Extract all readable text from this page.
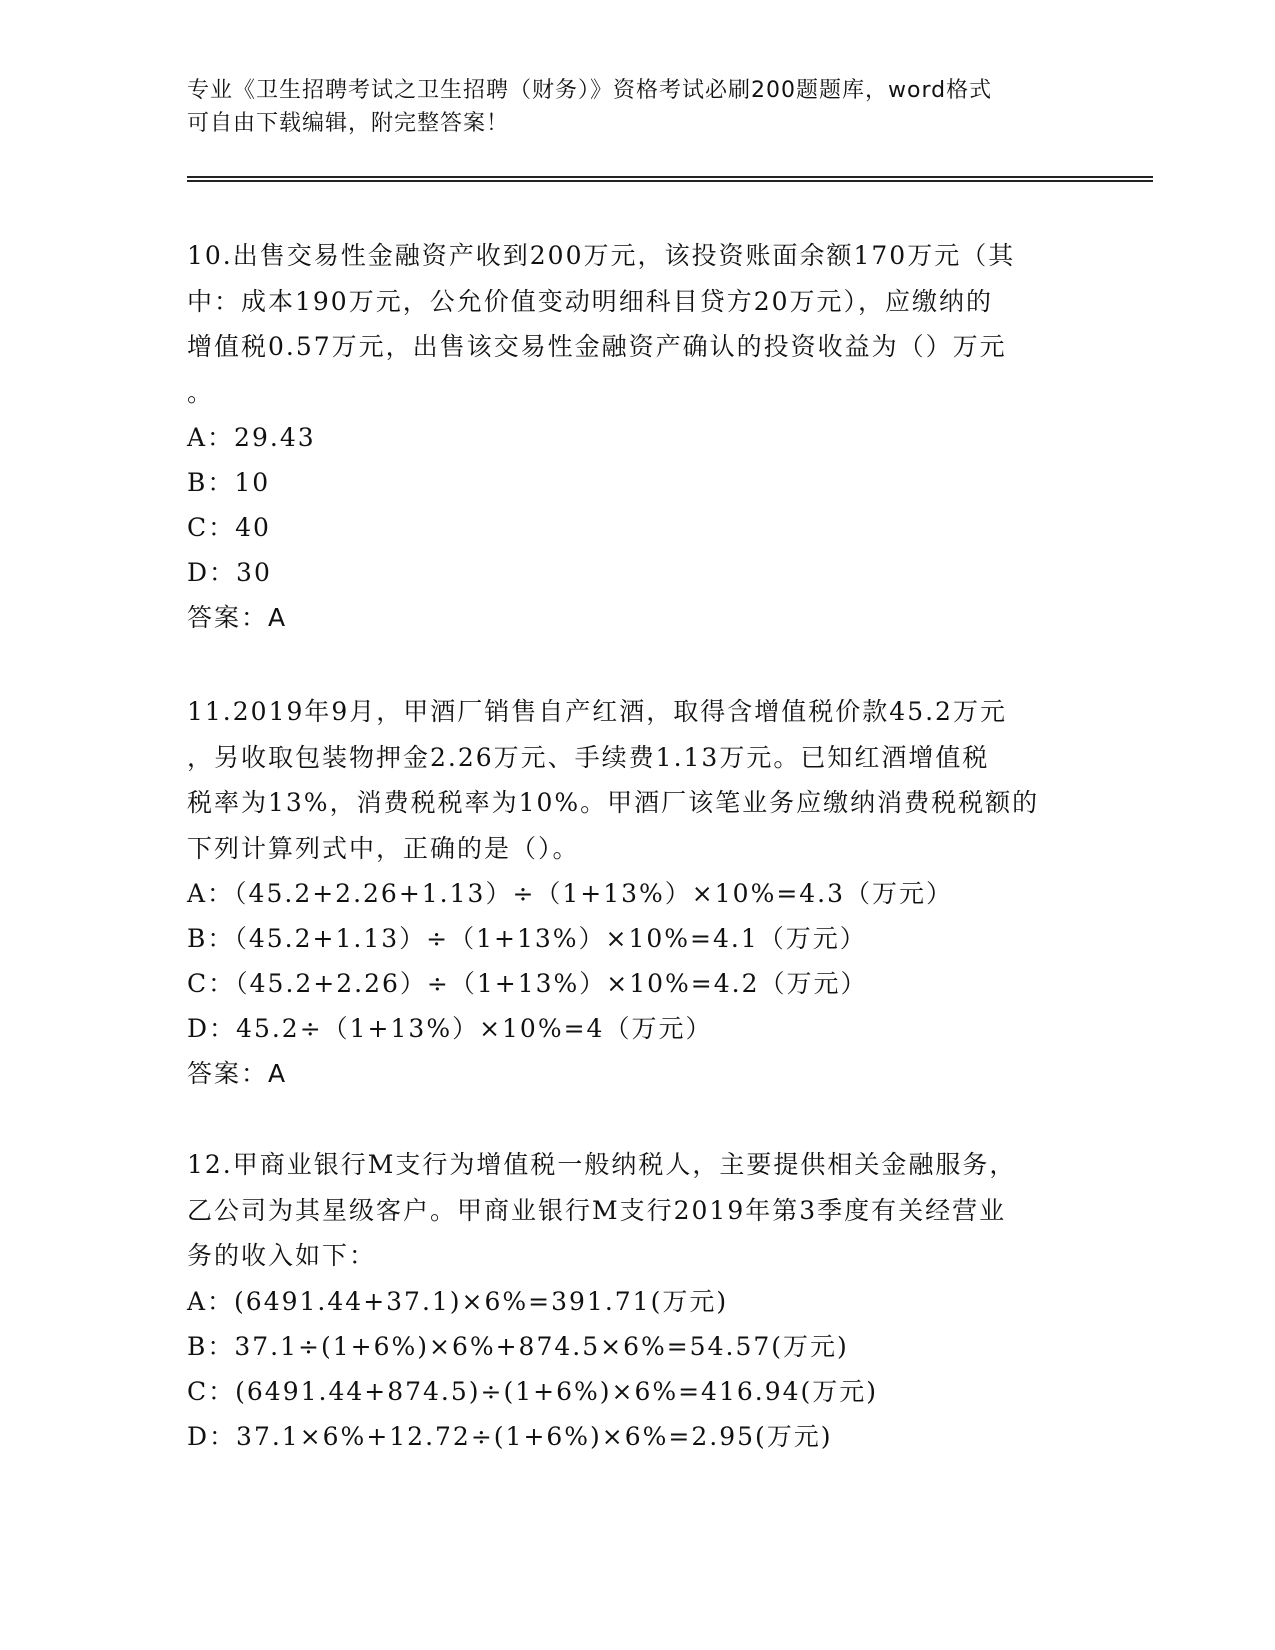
专业《卫生招聘考试之卫生招聘（财务）》资格考试必刷200题题库，word格式
可自由下载编辑，附完整答案！

10.出售交易性金融资产收到200万元，该投资账面余额170万元（其

中：成本190万元，公允价值变动明细科目贷方20万元），应缴纳的

增值税0.57万元，出售该交易性金融资产确认的投资收益为（）万元

。

A：29.43

B：10

C：40

D：30

答案：A

11.2019年9月，甲酒厂销售自产红酒，取得含增值税价款45.2万元

，另收取包装物押金2.26万元、手续费1.13万元。已知红酒增值税

税率为13%，消费税税率为10%。甲酒厂该笔业务应缴纳消费税税额的

下列计算列式中，正确的是（）。

A：（45.2+2.26+1.13）÷（1+13%）×10%=4.3（万元）

B：（45.2+1.13）÷（1+13%）×10%=4.1（万元）

C：（45.2+2.26）÷（1+13%）×10%=4.2（万元）

D：45.2÷（1+13%）×10%=4（万元）

答案：A

12.甲商业银行M支行为增值税一般纳税人，主要提供相关金融服务，

乙公司为其星级客户。甲商业银行M支行2019年第3季度有关经营业

务的收入如下：

A：(6491.44+37.1)×6%=391.71(万元)

B：37.1÷(1+6%)×6%+874.5×6%=54.57(万元)

C：(6491.44+874.5)÷(1+6%)×6%=416.94(万元)

D：37.1×6%+12.72÷(1+6%)×6%=2.95(万元)
